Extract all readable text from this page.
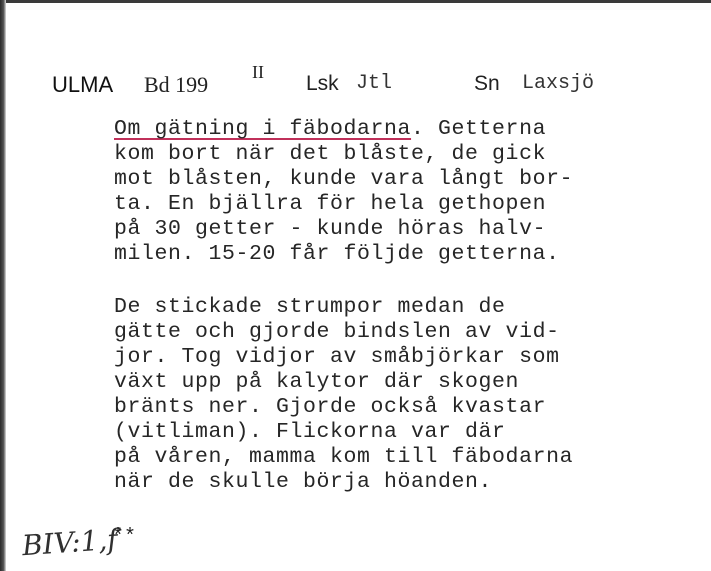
ULMA Bd 199 II Lsk Jtl	Sn Laxsjö
Om gätning i fäbodarna. Getterna
kom bort när det blåste, de gick
mot blåsten, kunde vara långt bor-
ta. En bjällra för hela gethopen
på 30 getter - kunde höras halv-
milen. 15-20 får följde getterna.
De stickade strumpor medan de
gätte och gjorde bindslen av vid-
jor. Tog vidjor av småbjörkar som
växt upp på kalytor där skogen
bränts ner. Gjorde också kvastar
(vitliman). Flickorna var där
på våren, mamma kom till fäbodarna
när de skulle börja höanden.
BIV:1,f
**
